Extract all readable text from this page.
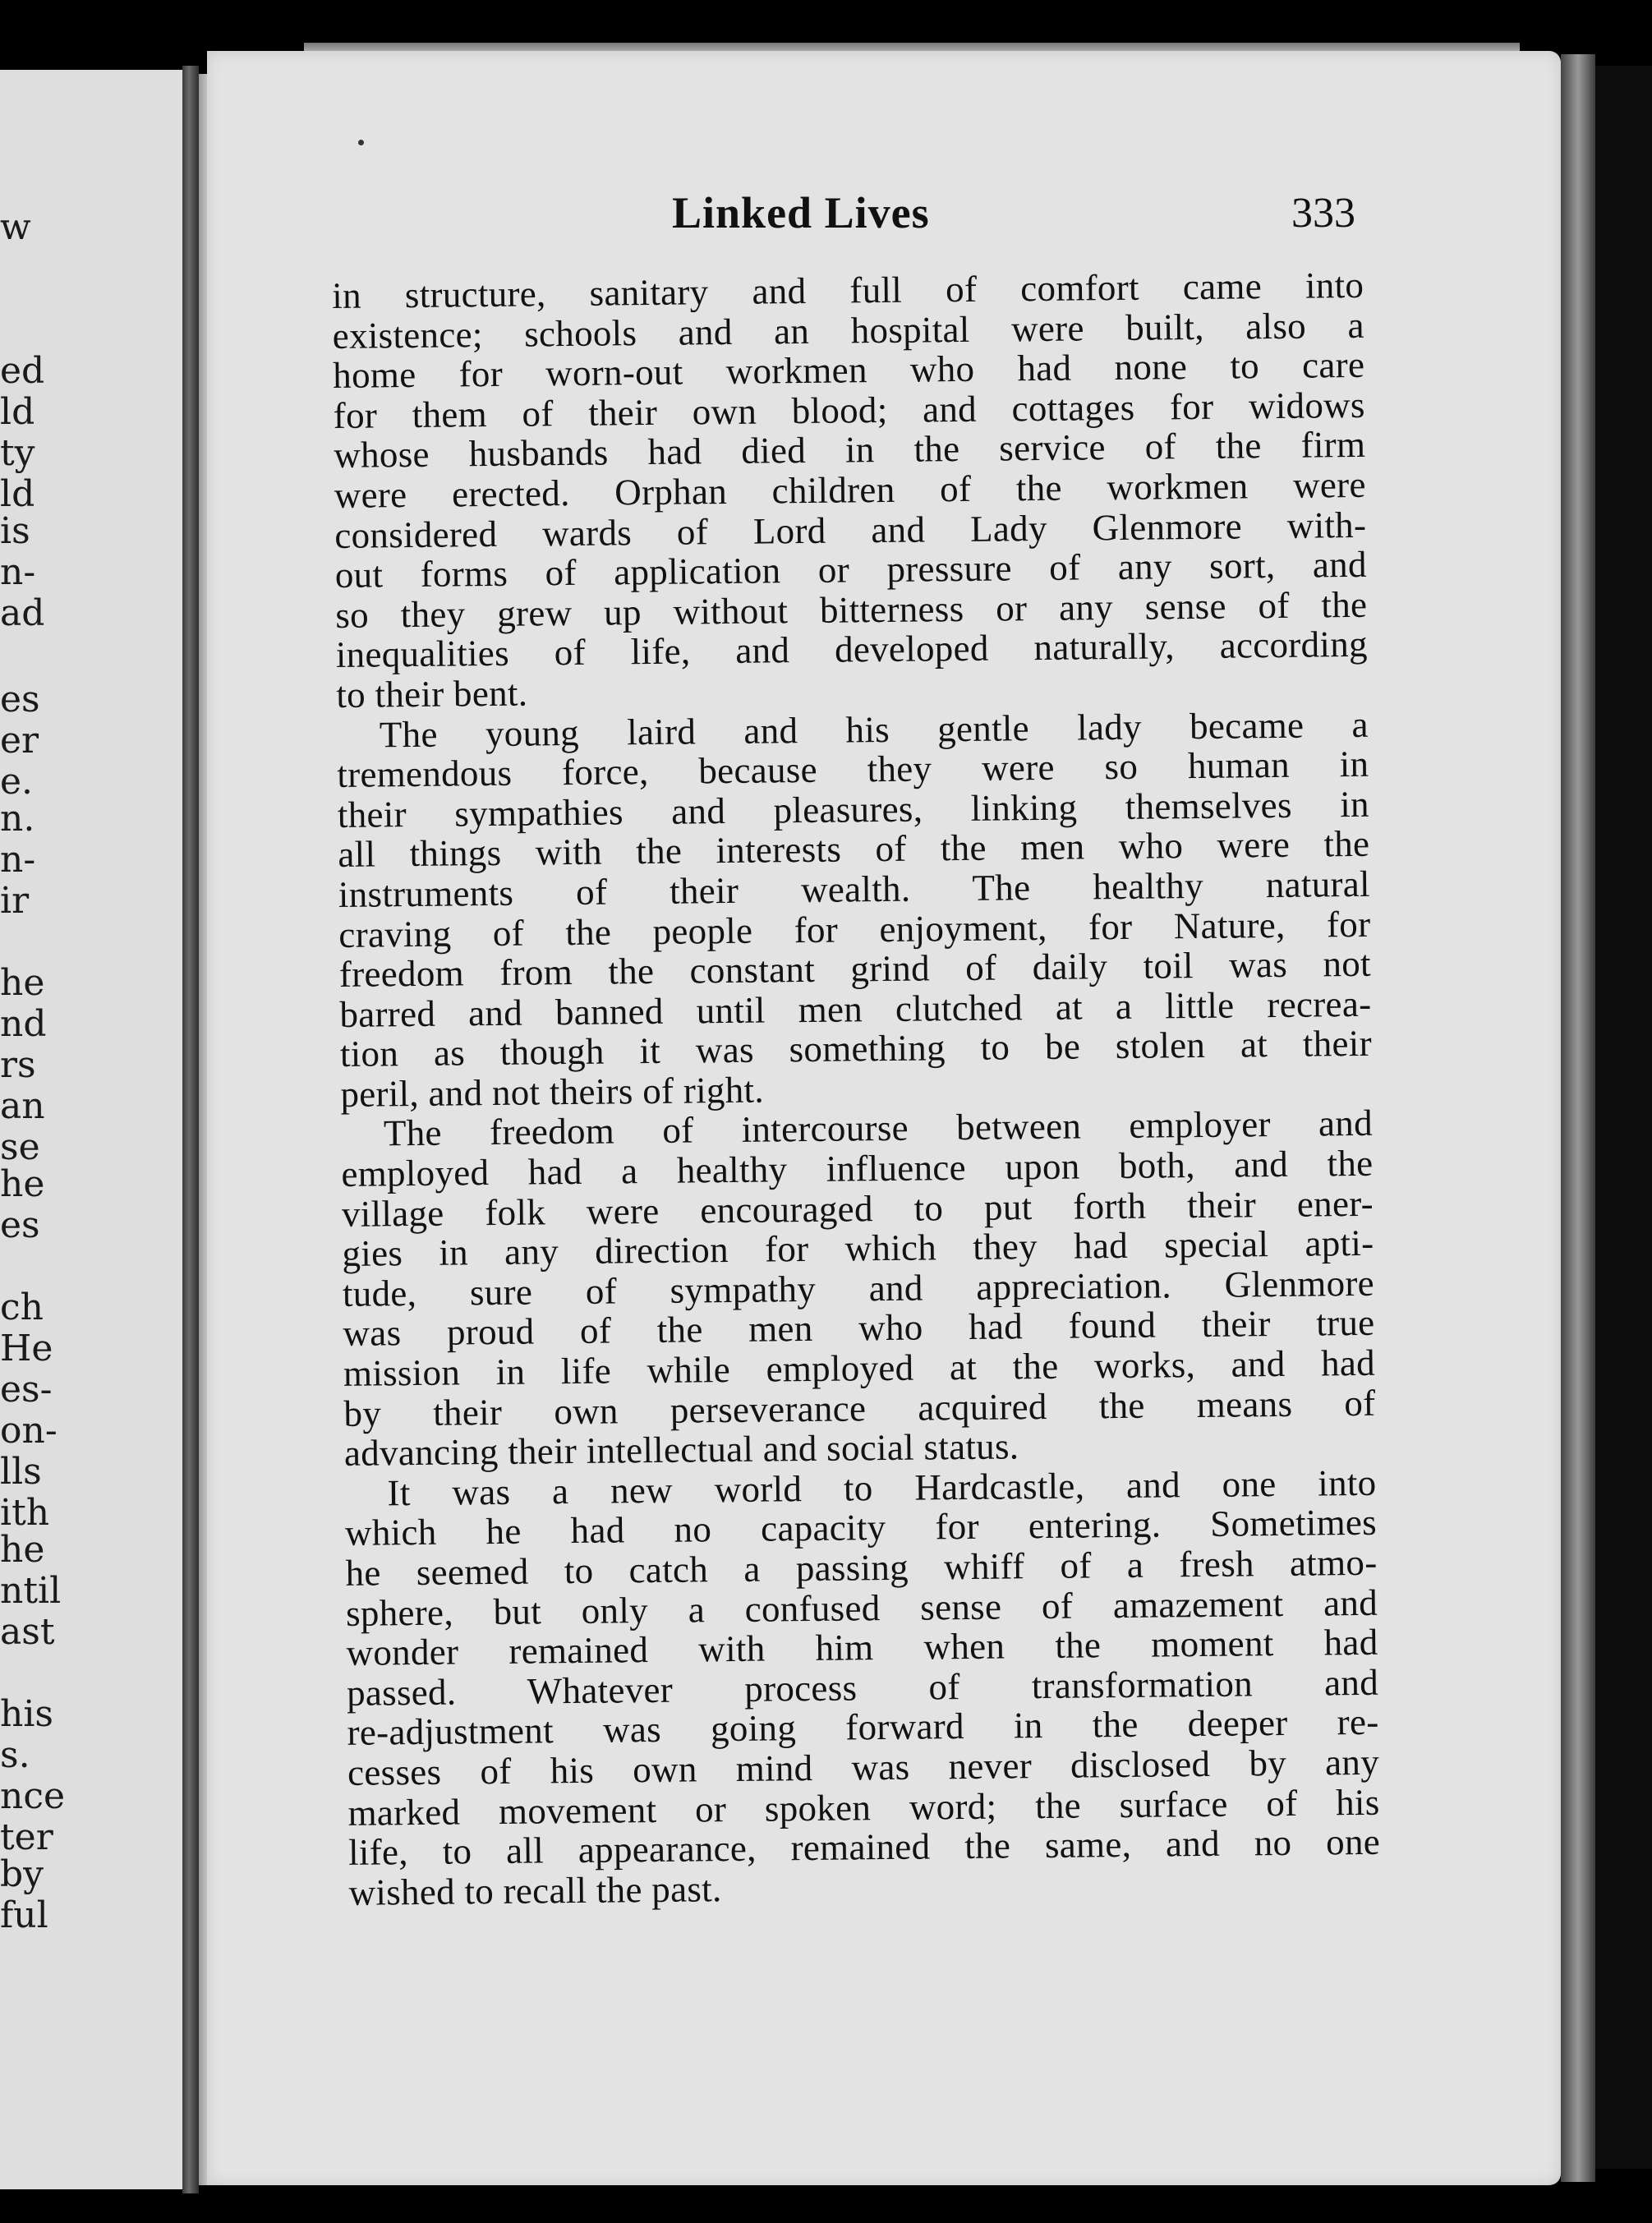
w
ed
ld
ty
ld
is
n-
ad
es
er
e.
n.
n-
ir
he
nd
rs
an
se
he
es
ch
He
es-
on-
lls
ith
he
ntil
ast
his
s.
nce
ter
by
ful
Linked Lives	333
in structure, sanitary and full of comfort came into
existence; schools and an hospital were built, also a
home for worn-out workmen who had none to care
for them of their own blood; and cottages for widows
whose husbands had died in the service of the firm
were erected. Orphan children of the workmen were
considered wards of Lord and Lady Glenmore with-
out forms of application or pressure of any sort, and
so they grew up without bitterness or any sense of the
inequalities of life, and developed naturally, according
to their bent.
The young laird and his gentle lady became a
tremendous force, because they were so human in
their sympathies and pleasures, linking themselves in
all things with the interests of the men who were the
instruments of their wealth. The healthy natural
craving of the people for enjoyment, for Nature, for
freedom from the constant grind of daily toil was not
barred and banned until men clutched at a little recrea-
tion as though it was something to be stolen at their
peril, and not theirs of right.
The freedom of intercourse between employer and
employed had a healthy influence upon both, and the
village folk were encouraged to put forth their ener-
gies in any direction for which they had special apti-
tude, sure of sympathy and appreciation. Glenmore
was proud of the men who had found their true
mission in life while employed at the works, and had
by their own perseverance acquired the means of
advancing their intellectual and social status.
It was a new world to Hardcastle, and one into
which he had no capacity for entering. Sometimes
he seemed to catch a passing whiff of a fresh atmo-
sphere, but only a confused sense of amazement and
wonder remained with him when the moment had
passed. Whatever process of transformation and
re-adjustment was going forward in the deeper re-
cesses of his own mind was never disclosed by any
marked movement or spoken word; the surface of his
life, to all appearance, remained the same, and no one
wished to recall the past.
